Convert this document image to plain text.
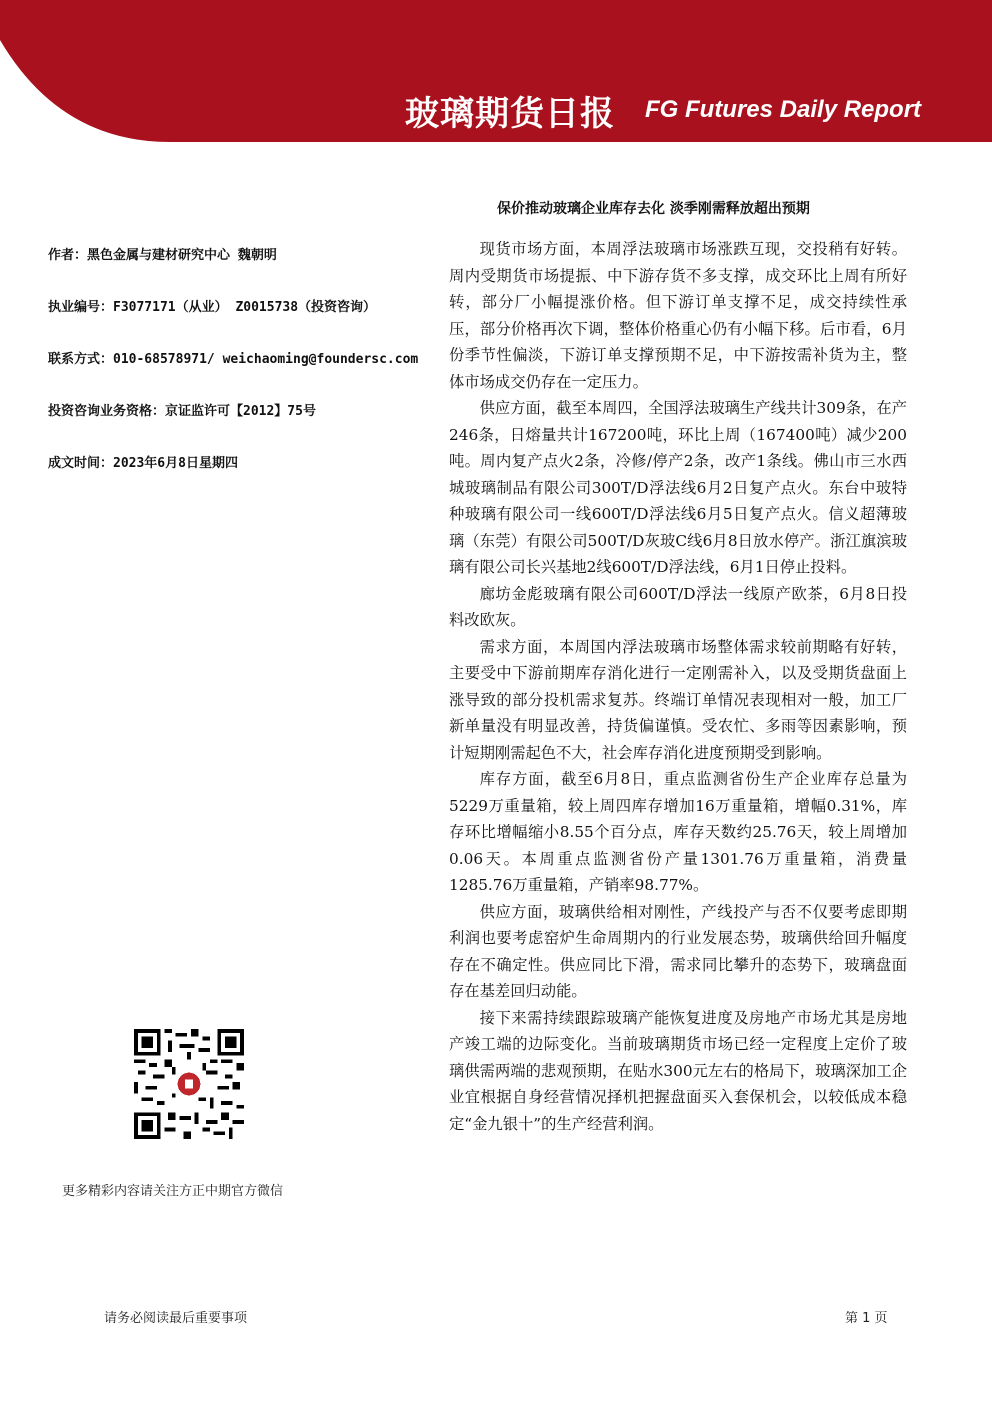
玻璃期货日报 FG Futures Daily Report
保价推动玻璃企业库存去化 淡季刚需释放超出预期
作者：黑色金属与建材研究中心 魏朝明
执业编号：F3077171（从业） Z0015738（投资咨询）
联系方式：010-68578971/ weichaoming@foundersc.com
投资咨询业务资格：京证监许可【2012】75号
成文时间：2023年6月8日星期四

现货市场方面，本周浮法玻璃市场涨跌互现，交投稍有好转。周内受期货市场提振、中下游存货不多支撑，成交环比上周有所好转，部分厂小幅提涨价格。但下游订单支撑不足，成交持续性承压，部分价格再次下调，整体价格重心仍有小幅下移。后市看，6月份季节性偏淡，下游订单支撑预期不足，中下游按需补货为主，整体市场成交仍存在一定压力。

供应方面，截至本周四，全国浮法玻璃生产线共计309条，在产246条，日熔量共计167200吨，环比上周（167400吨）减少200吨。周内复产点火2条，冷修/停产2条，改产1条线。佛山市三水西城玻璃制品有限公司300T/D浮法线6月2日复产点火。东台中玻特种玻璃有限公司一线600T/D浮法线6月5日复产点火。信义超薄玻璃（东莞）有限公司500T/D灰玻C线6月8日放水停产。浙江旗滨玻璃有限公司长兴基地2线600T/D浮法线，6月1日停止投料。

廊坊金彪玻璃有限公司600T/D浮法一线原产欧茶，6月8日投料改欧灰。

需求方面，本周国内浮法玻璃市场整体需求较前期略有好转，主要受中下游前期库存消化进行一定刚需补入，以及受期货盘面上涨导致的部分投机需求复苏。终端订单情况表现相对一般，加工厂新单量没有明显改善，持货偏谨慎。受农忙、多雨等因素影响，预计短期刚需起色不大，社会库存消化进度预期受到影响。

库存方面，截至6月8日，重点监测省份生产企业库存总量为5229万重量箱，较上周四库存增加16万重量箱，增幅0.31%，库存环比增幅缩小8.55个百分点，库存天数约25.76天，较上周增加0.06天。本周重点监测省份产量1301.76万重量箱，消费量1285.76万重量箱，产销率98.77%。

供应方面，玻璃供给相对刚性，产线投产与否不仅要考虑即期利润也要考虑窑炉生命周期内的行业发展态势，玻璃供给回升幅度存在不确定性。供应同比下滑，需求同比攀升的态势下，玻璃盘面存在基差回归动能。

接下来需持续跟踪玻璃产能恢复进度及房地产市场尤其是房地产竣工端的边际变化。当前玻璃期货市场已经一定程度上定价了玻璃供需两端的悲观预期，在贴水300元左右的格局下，玻璃深加工企业宜根据自身经营情况择机把握盘面买入套保机会，以较低成本稳定“金九银十”的生产经营利润。

更多精彩内容请关注方正中期官方微信
请务必阅读最后重要事项	第 1 页
